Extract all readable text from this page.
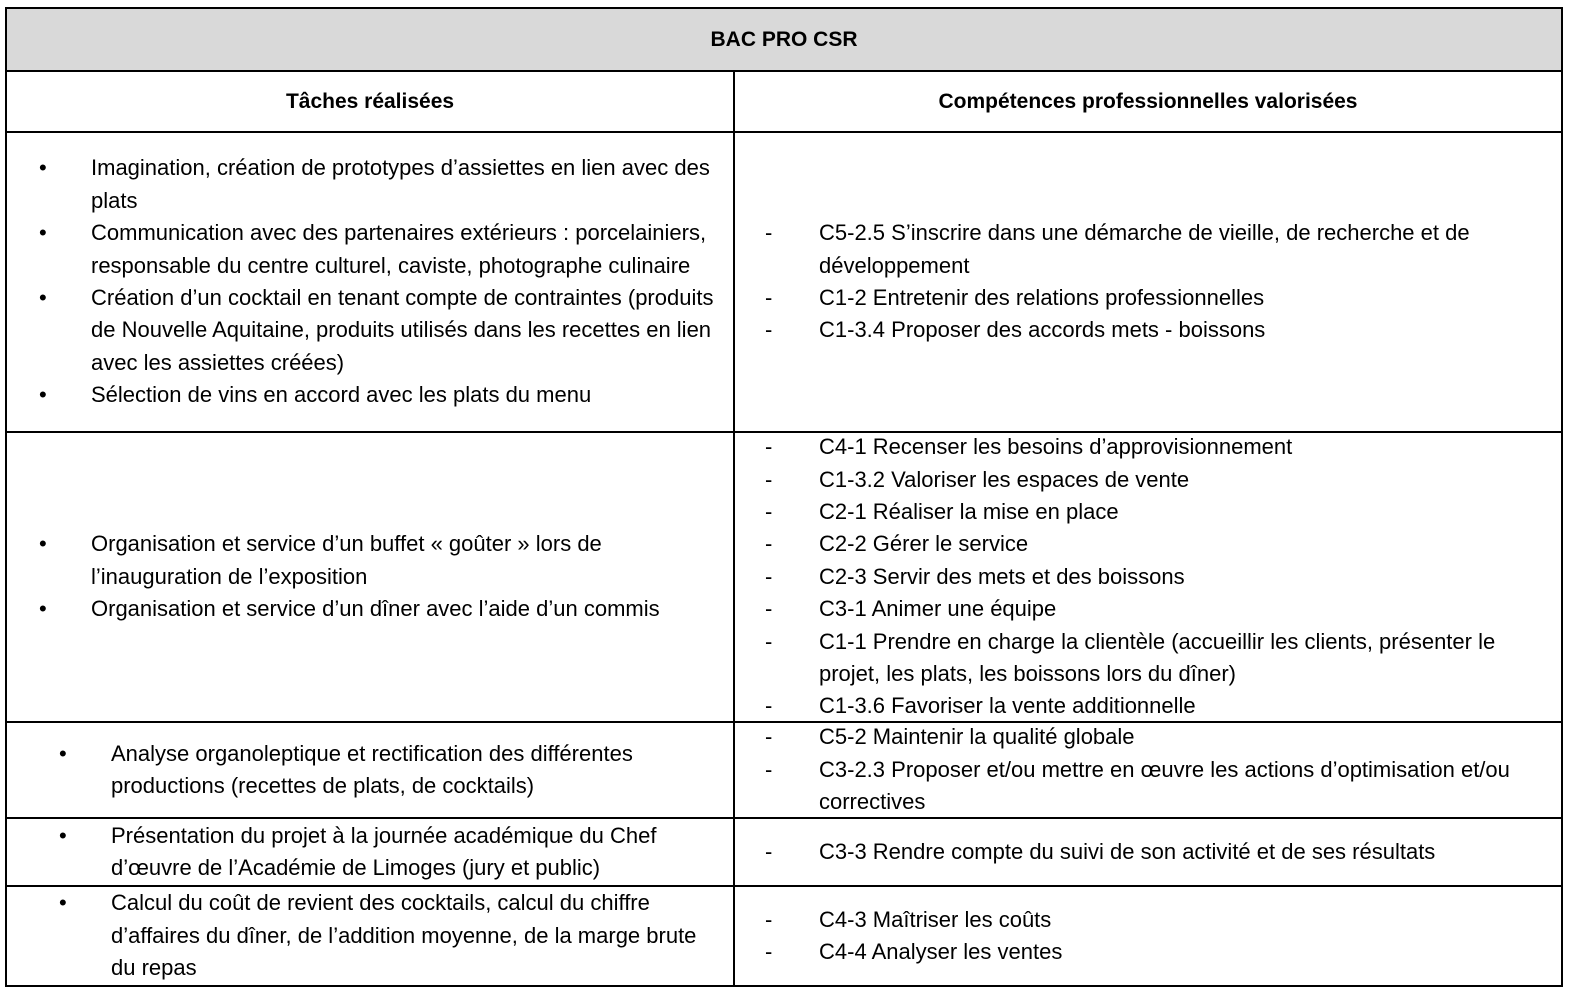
BAC PRO CSR
Tâches réalisées	Compétences professionnelles valorisées
• Imagination, création de prototypes d’assiettes en lien avec des plats
• Communication avec des partenaires extérieurs : porcelainiers, responsable du centre culturel, caviste, photographe culinaire
• Création d’un cocktail en tenant compte de contraintes (produits de Nouvelle Aquitaine, produits utilisés dans les recettes en lien avec les assiettes créées)
• Sélection de vins en accord avec les plats du menu
- C5-2.5 S’inscrire dans une démarche de vieille, de recherche et de développement
- C1-2 Entretenir des relations professionnelles
- C1-3.4 Proposer des accords mets - boissons
• Organisation et service d’un buffet « goûter » lors de l’inauguration de l’exposition
• Organisation et service d’un dîner avec l’aide d’un commis
- C4-1 Recenser les besoins d’approvisionnement
- C1-3.2 Valoriser les espaces de vente
- C2-1 Réaliser la mise en place
- C2-2 Gérer le service
- C2-3 Servir des mets et des boissons
- C3-1 Animer une équipe
- C1-1 Prendre en charge la clientèle (accueillir les clients, présenter le projet, les plats, les boissons lors du dîner)
- C1-3.6 Favoriser la vente additionnelle
• Analyse organoleptique et rectification des différentes productions (recettes de plats, de cocktails)
- C5-2 Maintenir la qualité globale
- C3-2.3 Proposer et/ou mettre en œuvre les actions d’optimisation et/ou correctives
• Présentation du projet à la journée académique du Chef d’œuvre de l’Académie de Limoges (jury et public)
- C3-3 Rendre compte du suivi de son activité et de ses résultats
• Calcul du coût de revient des cocktails, calcul du chiffre d’affaires du dîner, de l’addition moyenne, de la marge brute du repas
- C4-3 Maîtriser les coûts
- C4-4 Analyser les ventes
